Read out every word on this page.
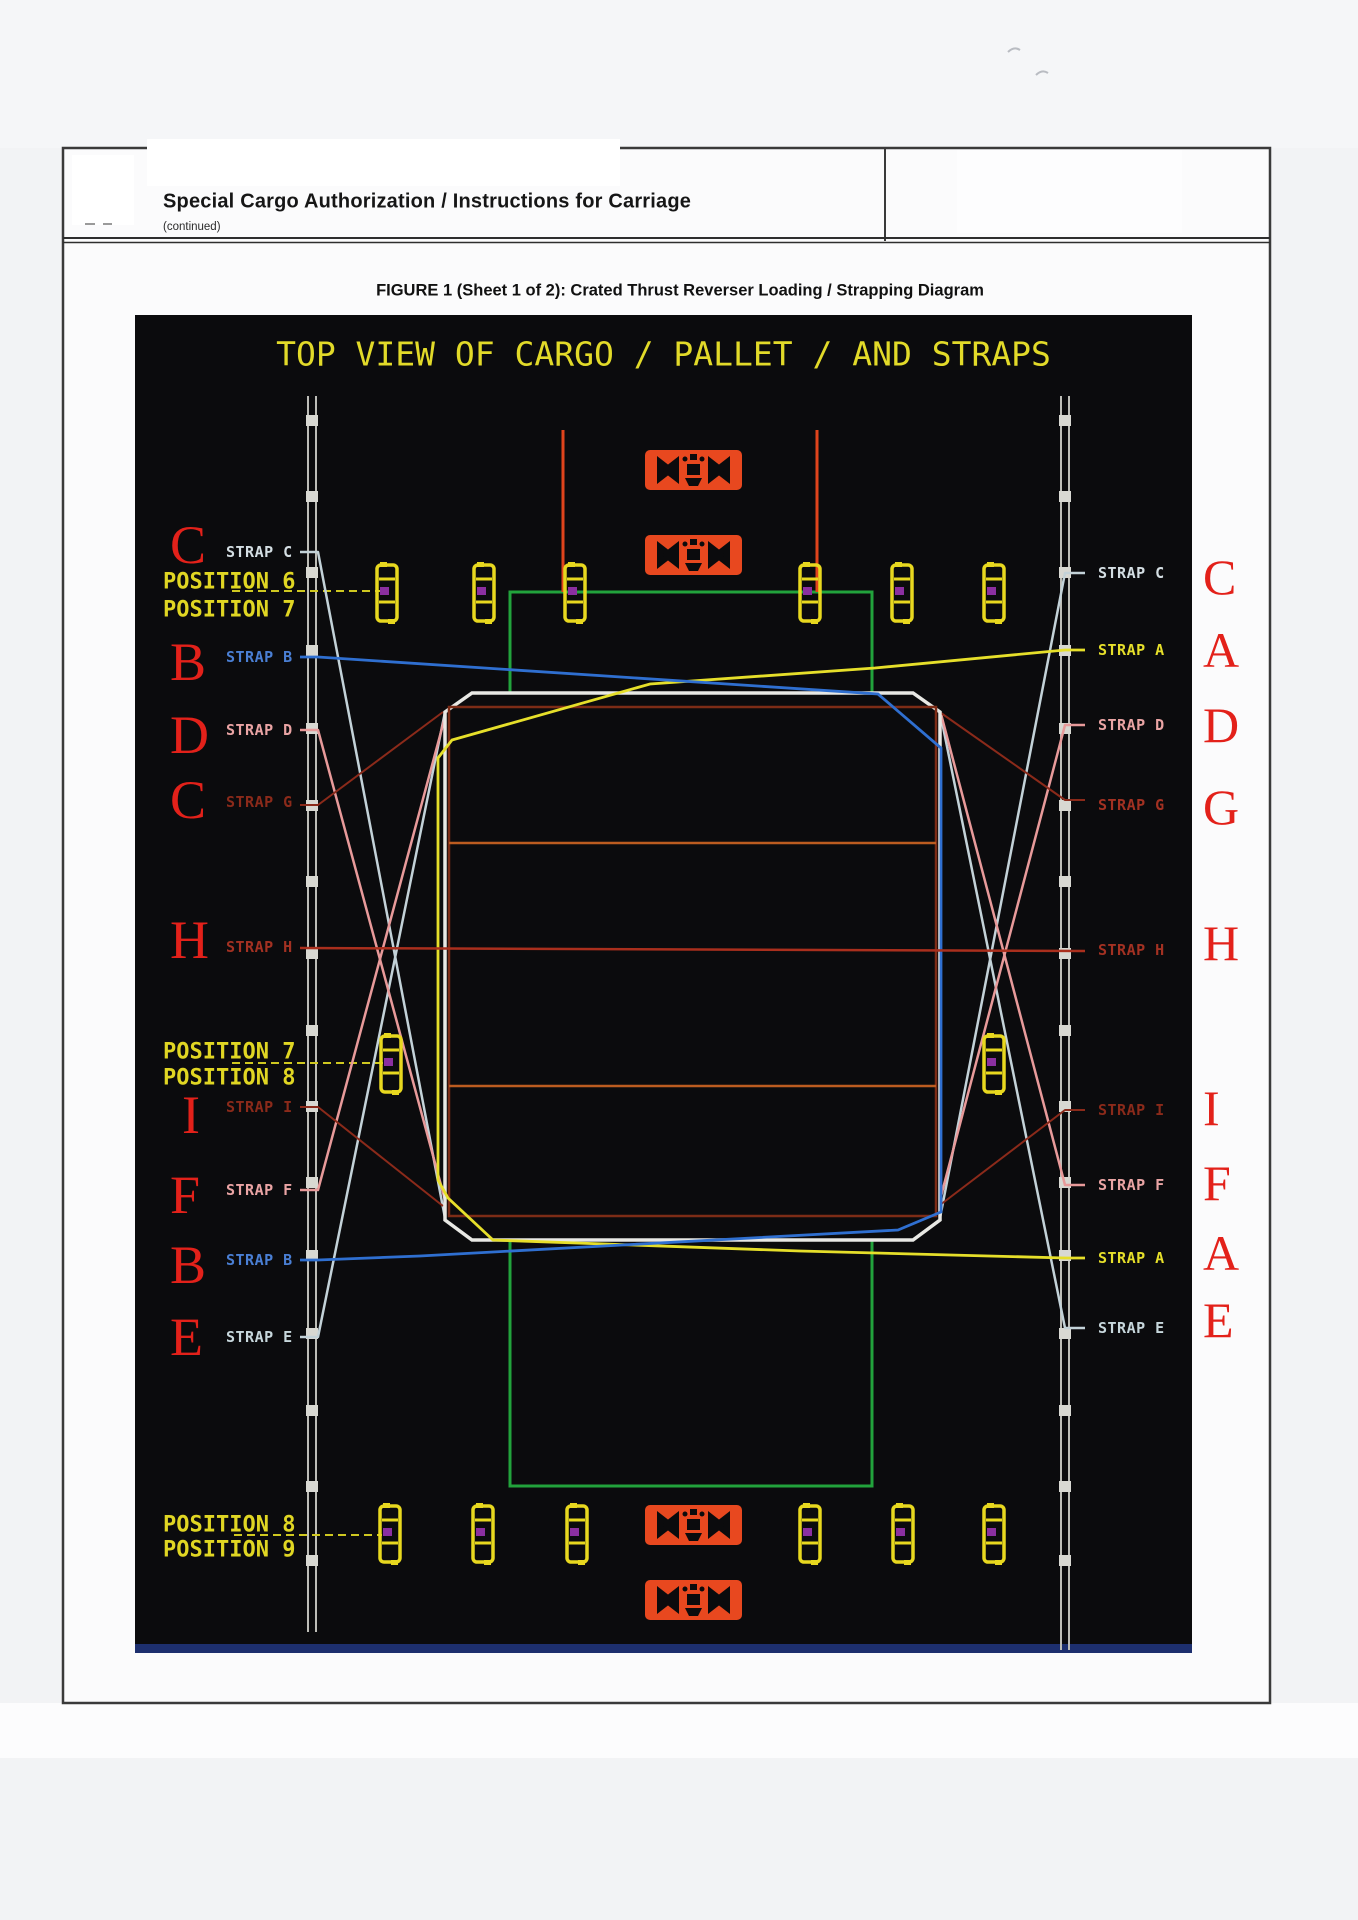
Special Cargo Authorization / Instructions for Carriage
(continued)
FIGURE 1 (Sheet 1 of 2): Crated Thrust Reverser Loading / Strapping Diagram
TOP VIEW OF CARGO / PALLET / AND STRAPS
C
B
D
C
H
I
F
B
E
STRAP C
STRAP B
STRAP D
STRAP G
STRAP H
STRAP I
STRAP F
STRAP B
STRAP E
STRAP C
STRAP A
STRAP D
STRAP G
STRAP H
STRAP I
STRAP F
STRAP A
STRAP E
C
A
D
G
H
I
F
A
E
POSITION 6
POSITION 7
POSITION 7
POSITION 8
POSITION 8
POSITION 9
